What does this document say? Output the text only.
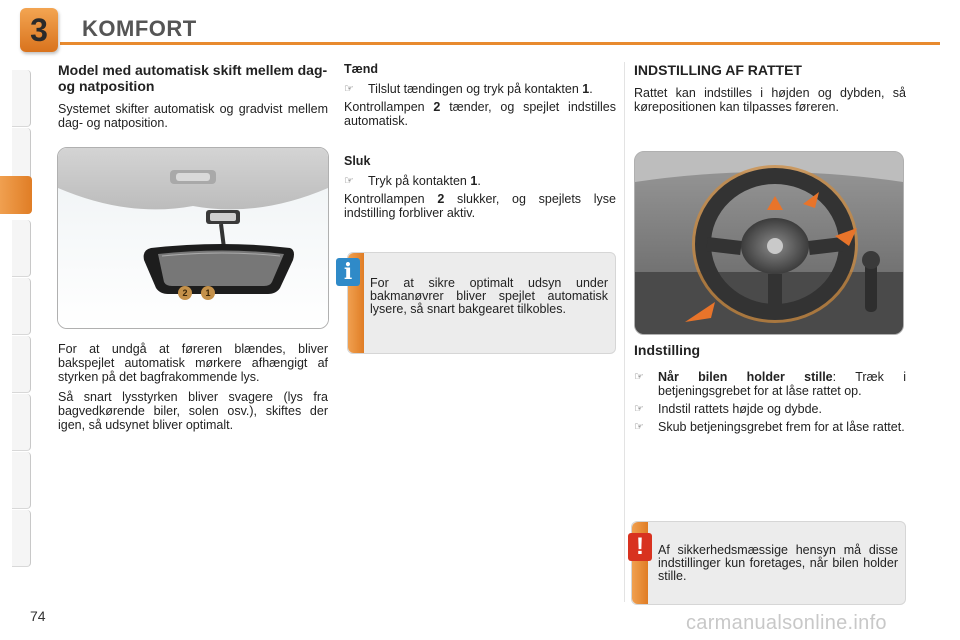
3	KOMFORT
Model med automatisk skift mellem dag-og natposition

Systemet skifter automatisk og gradvist mellem dag- og natposition.

2	1

For at undgå at føreren blændes, bliver bakspejlet automatisk mørkere afhængigt af styrken på det bagfrakommende lys.

Så snart lysstyrken bliver svagere (lys fra bagvedkørende biler, solen osv.), skiftes der igen, så udsynet bliver optimalt.

Tænd
☞	Tilslut tændingen og tryk på kontakten 1.

Kontrollampen 2 tænder, og spejlet indstilles automatisk.

Sluk
☞	Tryk på kontakten 1.

Kontrollampen 2 slukker, og spejlets lyse indstilling forbliver aktiv.

For at sikre optimalt udsyn under bakmanøvrer bliver spejlet automatisk lysere, så snart bakgearet tilkobles.
i
INDSTILLING AF RATTET

Rattet kan indstilles i højden og dybden, så kørepositionen kan tilpasses føreren.

Indstilling
☞	Når bilen holder stille: Træk i betjeningsgrebet for at låse rattet op.
☞	Indstil rattets højde og dybde.
☞	Skub betjeningsgrebet frem for at låse rattet.
Af sikkerhedsmæssige hensyn må disse indstillinger kun foretages, når bilen holder stille.
!
74	carmanualsonline.info
